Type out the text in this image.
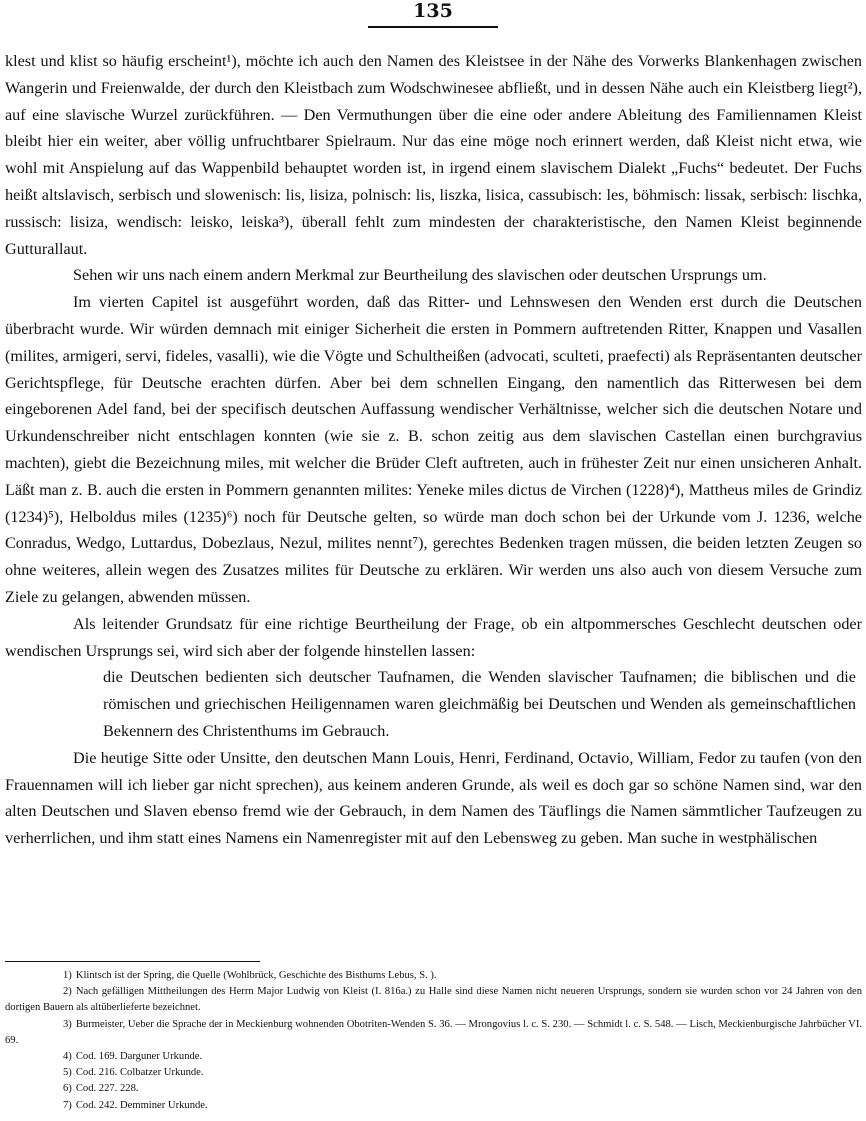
135

klest und klist so häufig erscheint¹), möchte ich auch den Namen des Kleistsee in der Nähe des Vorwerks Blankenhagen zwischen Wangerin und Freienwalde, der durch den Kleistbach zum Wodschwinesee abfließt, und in dessen Nähe auch ein Kleistberg liegt²), auf eine slavische Wurzel zurückführen. — Den Vermuthungen über die eine oder andere Ableitung des Familiennamen Kleist bleibt hier ein weiter, aber völlig unfruchtbarer Spielraum. Nur das eine möge noch erinnert werden, daß Kleist nicht etwa, wie wohl mit Anspielung auf das Wappenbild behauptet worden ist, in irgend einem slavischem Dialekt „Fuchs“ bedeutet. Der Fuchs heißt altslavisch, serbisch und slowenisch: lis, lisiza, polnisch: lis, liszka, lisica, cassubisch: les, böhmisch: lissak, serbisch: lischka, russisch: lisiza, wendisch: leisko, leiska³), überall fehlt zum mindesten der charakteristische, den Namen Kleist beginnende Gutturallaut.

Sehen wir uns nach einem andern Merkmal zur Beurtheilung des slavischen oder deutschen Ursprungs um.

Im vierten Capitel ist ausgeführt worden, daß das Ritter- und Lehnswesen den Wenden erst durch die Deutschen überbracht wurde. Wir würden demnach mit einiger Sicherheit die ersten in Pommern auftretenden Ritter, Knappen und Vasallen (milites, armigeri, servi, fideles, vasalli), wie die Vögte und Schultheißen (advocati, sculteti, praefecti) als Repräsentanten deutscher Gerichtspflege, für Deutsche erachten dürfen. Aber bei dem schnellen Eingang, den namentlich das Ritterwesen bei dem eingeborenen Adel fand, bei der specifisch deutschen Auffassung wendischer Verhältnisse, welcher sich die deutschen Notare und Urkundenschreiber nicht entschlagen konnten (wie sie z. B. schon zeitig aus dem slavischen Castellan einen burchgravius machten), giebt die Bezeichnung miles, mit welcher die Brüder Cleft auftreten, auch in frühester Zeit nur einen unsicheren Anhalt. Läßt man z. B. auch die ersten in Pommern genannten milites: Yeneke miles dictus de Virchen (1228)⁴), Mattheus miles de Grindiz (1234)⁵), Helboldus miles (1235)⁶) noch für Deutsche gelten, so würde man doch schon bei der Urkunde vom J. 1236, welche Conradus, Wedgo, Luttardus, Dobezlaus, Nezul, milites nennt⁷), gerechtes Bedenken tragen müssen, die beiden letzten Zeugen so ohne weiteres, allein wegen des Zusatzes milites für Deutsche zu erklären. Wir werden uns also auch von diesem Versuche zum Ziele zu gelangen, abwenden müssen.

Als leitender Grundsatz für eine richtige Beurtheilung der Frage, ob ein altpommersches Geschlecht deutschen oder wendischen Ursprungs sei, wird sich aber der folgende hinstellen lassen:

die Deutschen bedienten sich deutscher Taufnamen, die Wenden slavischer Taufnamen; die biblischen und die römischen und griechischen Heiligennamen waren gleichmäßig bei Deutschen und Wenden als gemeinschaftlichen Bekennern des Christenthums im Gebrauch.

Die heutige Sitte oder Unsitte, den deutschen Mann Louis, Henri, Ferdinand, Octavio, William, Fedor zu taufen (von den Frauennamen will ich lieber gar nicht sprechen), aus keinem anderen Grunde, als weil es doch gar so schöne Namen sind, war den alten Deutschen und Slaven ebenso fremd wie der Gebrauch, in dem Namen des Täuflings die Namen sämmtlicher Taufzeugen zu verherrlichen, und ihm statt eines Namens ein Namenregister mit auf den Lebensweg zu geben. Man suche in westphälischen

1) Klintsch ist der Spring, die Quelle (Wohlbrück, Geschichte des Bisthums Lebus, S. ).

2) Nach gefälligen Mittheilungen des Herrn Major Ludwig von Kleist (I. 816a.) zu Halle sind diese Namen nicht neueren Ursprungs, sondern sie wurden schon vor 24 Jahren von den dortigen Bauern als altüberlieferte bezeichnet.

3) Burmeister, Ueber die Sprache der in Meckienburg wohnenden Obotriten-Wenden S. 36. — Mrongovius l. c. S. 230. — Schmidt l. c. S. 548. — Lisch, Meckienburgische Jahrbücher VI. 69.

4) Cod. 169. Darguner Urkunde.

5) Cod. 216. Colbatzer Urkunde.

6) Cod. 227. 228.

7) Cod. 242. Demminer Urkunde.
